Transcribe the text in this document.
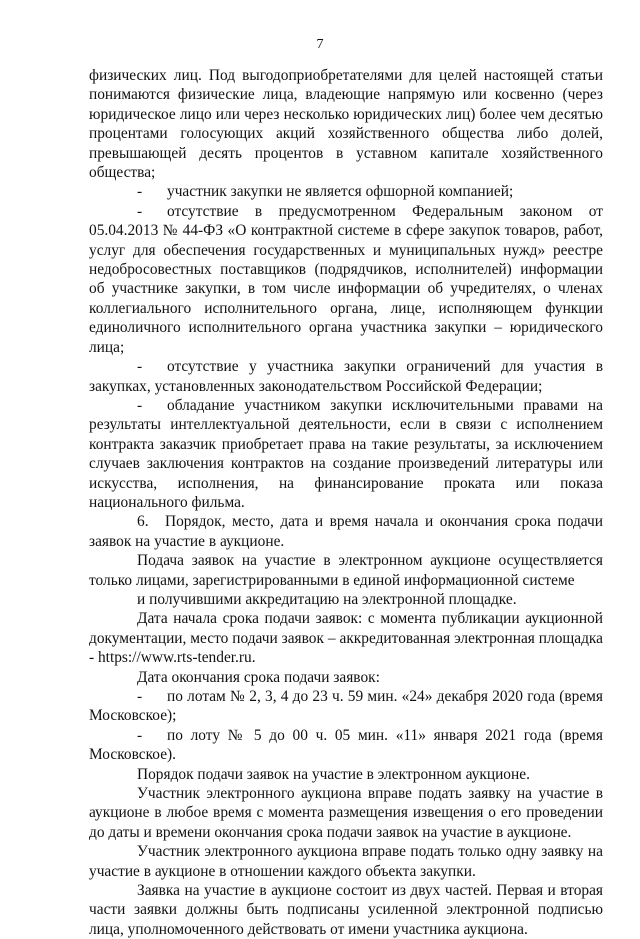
7

физических лиц. Под выгодоприобретателями для целей настоящей статьи понимаются физические лица, владеющие напрямую или косвенно (через юридическое лицо или через несколько юридических лиц) более чем десятью процентами голосующих акций хозяйственного общества либо долей, превышающей десять процентов в уставном капитале хозяйственного общества;

- участник закупки не является офшорной компанией;

- отсутствие в предусмотренном Федеральным законом от 05.04.2013 № 44-ФЗ «О контрактной системе в сфере закупок товаров, работ, услуг для обеспечения государственных и муниципальных нужд» реестре недобросовестных поставщиков (подрядчиков, исполнителей) информации об участнике закупки, в том числе информации об учредителях, о членах коллегиального исполнительного органа, лице, исполняющем функции единоличного исполнительного органа участника закупки – юридического лица;

- отсутствие у участника закупки ограничений для участия в закупках, установленных законодательством Российской Федерации;

- обладание участником закупки исключительными правами на результаты интеллектуальной деятельности, если в связи с исполнением контракта заказчик приобретает права на такие результаты, за исключением случаев заключения контрактов на создание произведений литературы или искусства, исполнения, на финансирование проката или показа национального фильма.

6. Порядок, место, дата и время начала и окончания срока подачи заявок на участие в аукционе.

Подача заявок на участие в электронном аукционе осуществляется только лицами, зарегистрированными в единой информационной системе

и получившими аккредитацию на электронной площадке.

Дата начала срока подачи заявок: с момента публикации аукционной документации, место подачи заявок – аккредитованная электронная площадка - https://www.rts-tender.ru.

Дата окончания срока подачи заявок:

- по лотам № 2, 3, 4 до 23 ч. 59 мин. «24» декабря 2020 года (время Московское);

- по лоту № 5 до 00 ч. 05 мин. «11» января 2021 года (время Московское).

Порядок подачи заявок на участие в электронном аукционе.

Участник электронного аукциона вправе подать заявку на участие в аукционе в любое время с момента размещения извещения о его проведении до даты и времени окончания срока подачи заявок на участие в аукционе.

Участник электронного аукциона вправе подать только одну заявку на участие в аукционе в отношении каждого объекта закупки.

Заявка на участие в аукционе состоит из двух частей. Первая и вторая части заявки должны быть подписаны усиленной электронной подписью лица, уполномоченного действовать от имени участника аукциона.
